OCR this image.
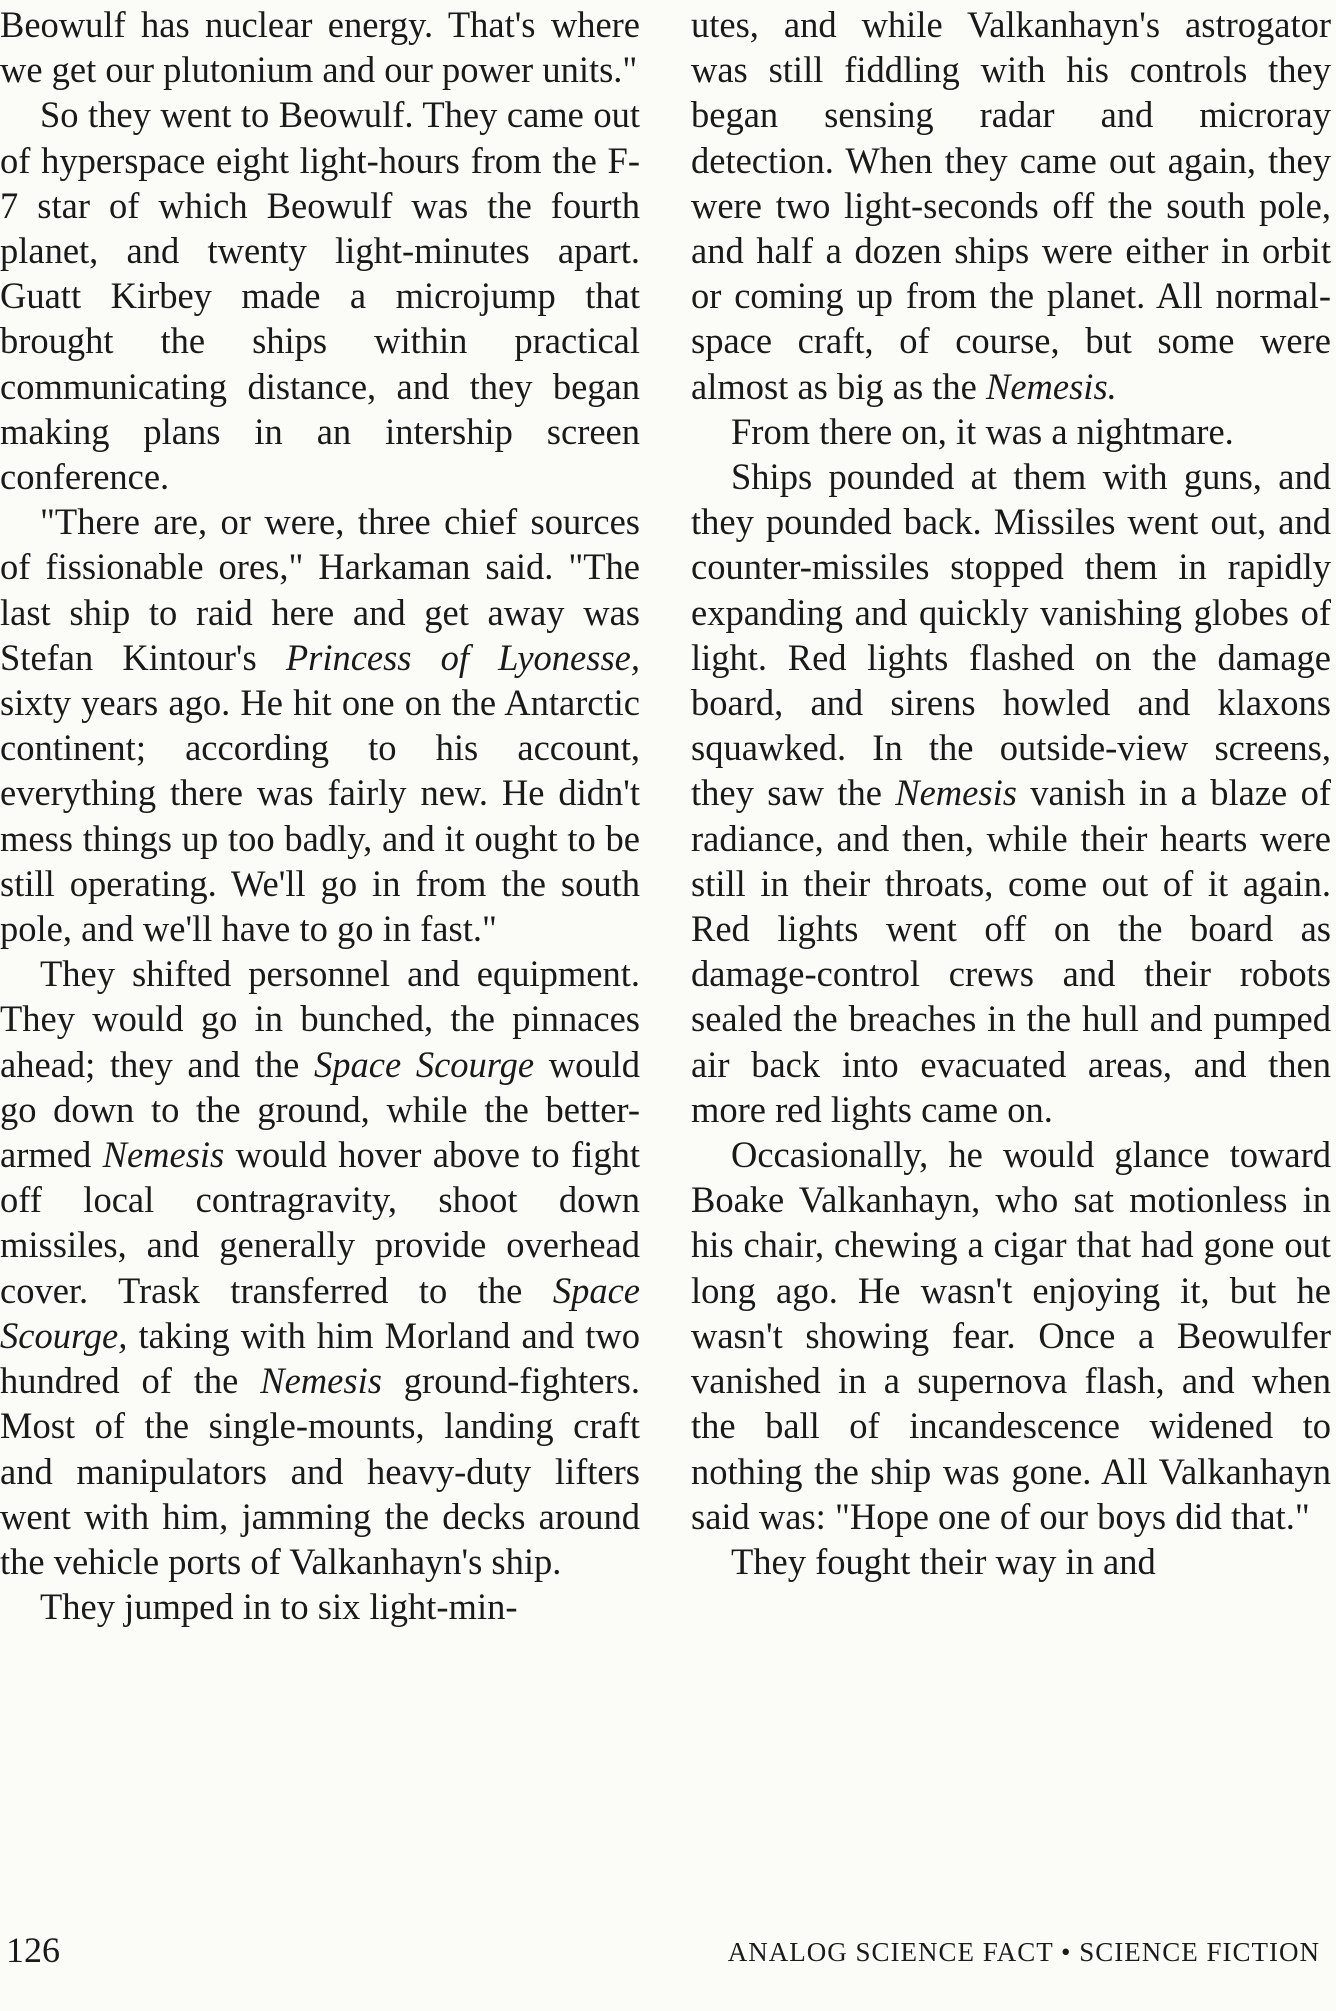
Beowulf has nuclear energy. That's where we get our plutonium and our power units."

So they went to Beowulf. They came out of hyperspace eight light-hours from the F-7 star of which Beowulf was the fourth planet, and twenty light-minutes apart. Guatt Kirbey made a microjump that brought the ships within practical communicating distance, and they began making plans in an intership screen conference.

"There are, or were, three chief sources of fissionable ores," Harkaman said. "The last ship to raid here and get away was Stefan Kintour's Princess of Lyonesse, sixty years ago. He hit one on the Antarctic continent; according to his account, everything there was fairly new. He didn't mess things up too badly, and it ought to be still operating. We'll go in from the south pole, and we'll have to go in fast."

They shifted personnel and equipment. They would go in bunched, the pinnaces ahead; they and the Space Scourge would go down to the ground, while the better-armed Nemesis would hover above to fight off local contragravity, shoot down missiles, and generally provide overhead cover. Trask transferred to the Space Scourge, taking with him Morland and two hundred of the Nemesis ground-fighters. Most of the single-mounts, landing craft and manipulators and heavy-duty lifters went with him, jamming the decks around the vehicle ports of Valkanhayn's ship.

They jumped in to six light-min-

utes, and while Valkanhayn's astrogator was still fiddling with his controls they began sensing radar and microray detection. When they came out again, they were two light-seconds off the south pole, and half a dozen ships were either in orbit or coming up from the planet. All normal-space craft, of course, but some were almost as big as the Nemesis.

From there on, it was a nightmare.

Ships pounded at them with guns, and they pounded back. Missiles went out, and counter-missiles stopped them in rapidly expanding and quickly vanishing globes of light. Red lights flashed on the damage board, and sirens howled and klaxons squawked. In the outside-view screens, they saw the Nemesis vanish in a blaze of radiance, and then, while their hearts were still in their throats, come out of it again. Red lights went off on the board as damage-control crews and their robots sealed the breaches in the hull and pumped air back into evacuated areas, and then more red lights came on.

Occasionally, he would glance toward Boake Valkanhayn, who sat motionless in his chair, chewing a cigar that had gone out long ago. He wasn't enjoying it, but he wasn't showing fear. Once a Beowulfer vanished in a supernova flash, and when the ball of incandescence widened to nothing the ship was gone. All Valkanhayn said was: "Hope one of our boys did that."

They fought their way in and

126	ANALOG SCIENCE FACT • SCIENCE FICTION
